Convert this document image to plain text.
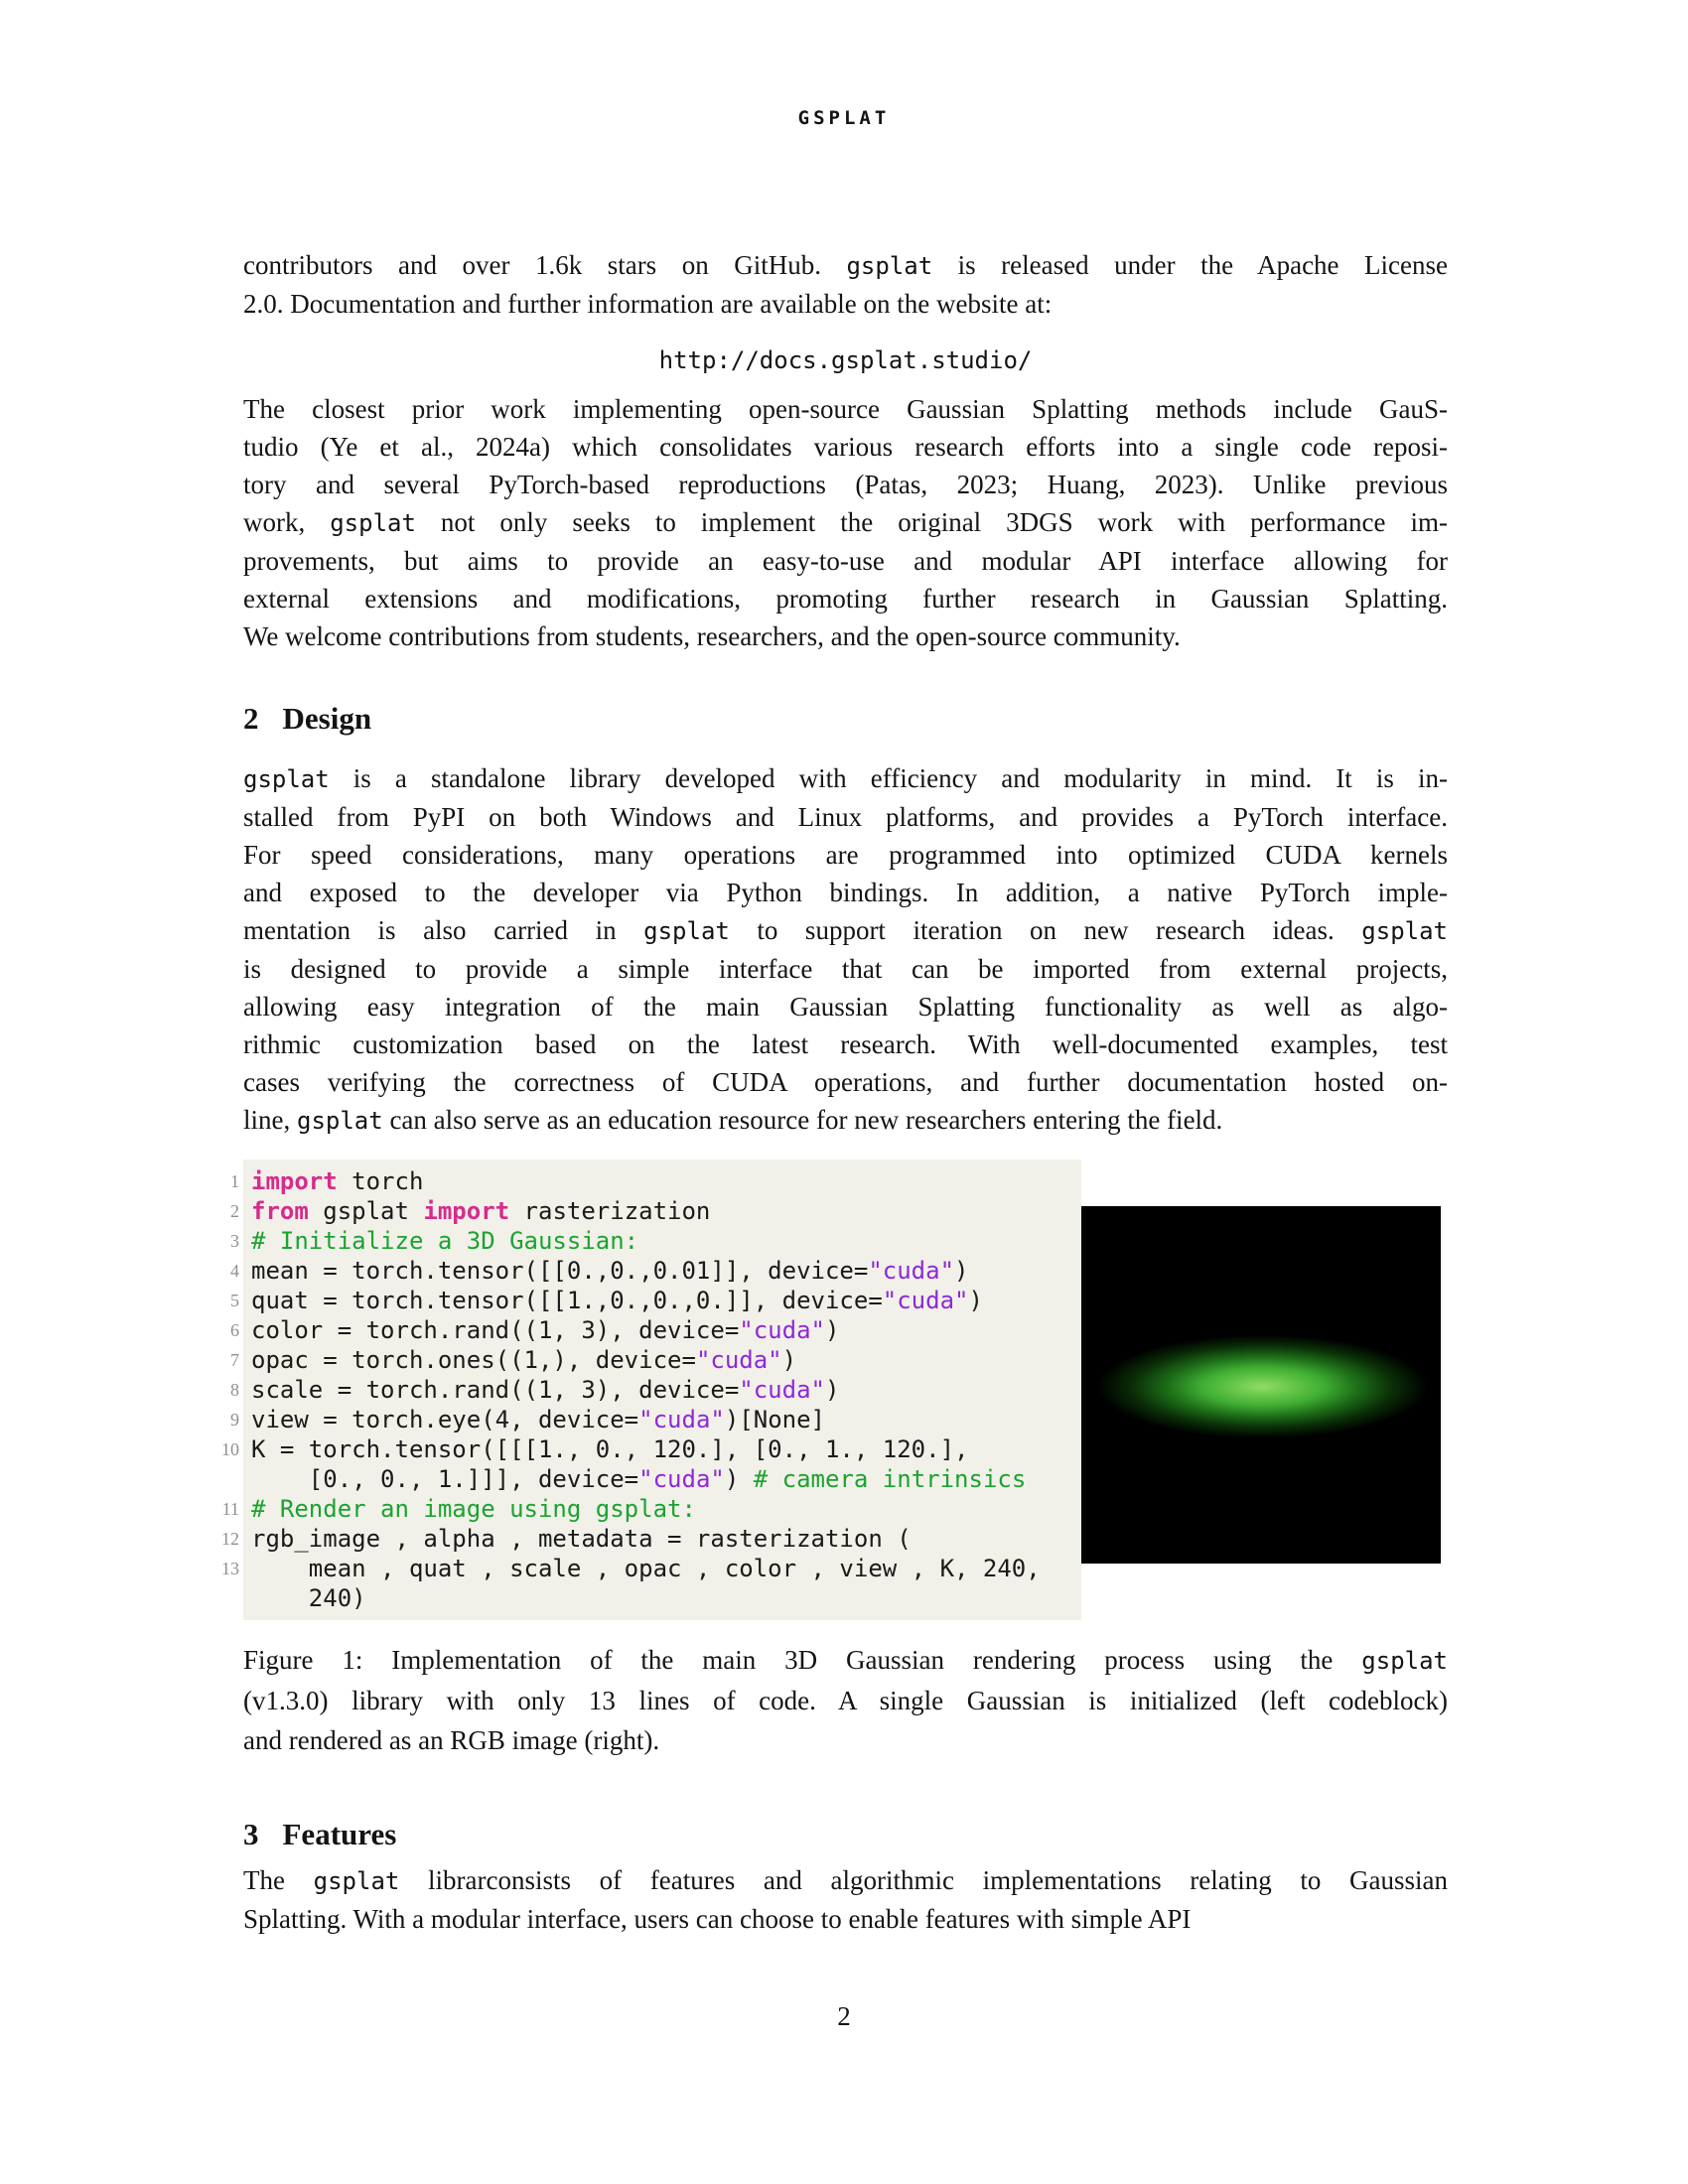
GSPLAT

contributors and over 1.6k stars on GitHub. gsplat is released under the Apache License
2.0. Documentation and further information are available on the website at:

http://docs.gsplat.studio/

The closest prior work implementing open-source Gaussian Splatting methods include GauS-
tudio (Ye et al., 2024a) which consolidates various research efforts into a single code reposi-
tory and several PyTorch-based reproductions (Patas, 2023; Huang, 2023). Unlike previous
work, gsplat not only seeks to implement the original 3DGS work with performance im-
provements, but aims to provide an easy-to-use and modular API interface allowing for
external extensions and modifications, promoting further research in Gaussian Splatting.
We welcome contributions from students, researchers, and the open-source community.

2 Design

gsplat is a standalone library developed with efficiency and modularity in mind. It is in-
stalled from PyPI on both Windows and Linux platforms, and provides a PyTorch interface.
For speed considerations, many operations are programmed into optimized CUDA kernels
and exposed to the developer via Python bindings. In addition, a native PyTorch imple-
mentation is also carried in gsplat to support iteration on new research ideas. gsplat
is designed to provide a simple interface that can be imported from external projects,
allowing easy integration of the main Gaussian Splatting functionality as well as algo-
rithmic customization based on the latest research. With well-documented examples, test
cases verifying the correctness of CUDA operations, and further documentation hosted on-
line, gsplat can also serve as an education resource for new researchers entering the field.

1 import torch
2 from gsplat import rasterization
3 # Initialize a 3D Gaussian:
4 mean = torch.tensor([[0.,0.,0.01]], device="cuda")
5 quat = torch.tensor([[1.,0.,0.,0.]], device="cuda")
6 color = torch.rand((1, 3), device="cuda")
7 opac = torch.ones((1,), device="cuda")
8 scale = torch.rand((1, 3), device="cuda")
9 view = torch.eye(4, device="cuda")[None]
10 K = torch.tensor([[[1., 0., 120.], [0., 1., 120.],
[0., 0., 1.]]], device="cuda") # camera intrinsics
11 # Render an image using gsplat:
12 rgb_image , alpha , metadata = rasterization (
13 mean , quat , scale , opac , color , view , K, 240,
240)

Figure 1: Implementation of the main 3D Gaussian rendering process using the gsplat
(v1.3.0) library with only 13 lines of code. A single Gaussian is initialized (left codeblock)
and rendered as an RGB image (right).

3 Features

The gsplat librarconsists of features and algorithmic implementations relating to Gaussian
Splatting. With a modular interface, users can choose to enable features with simple API

2
